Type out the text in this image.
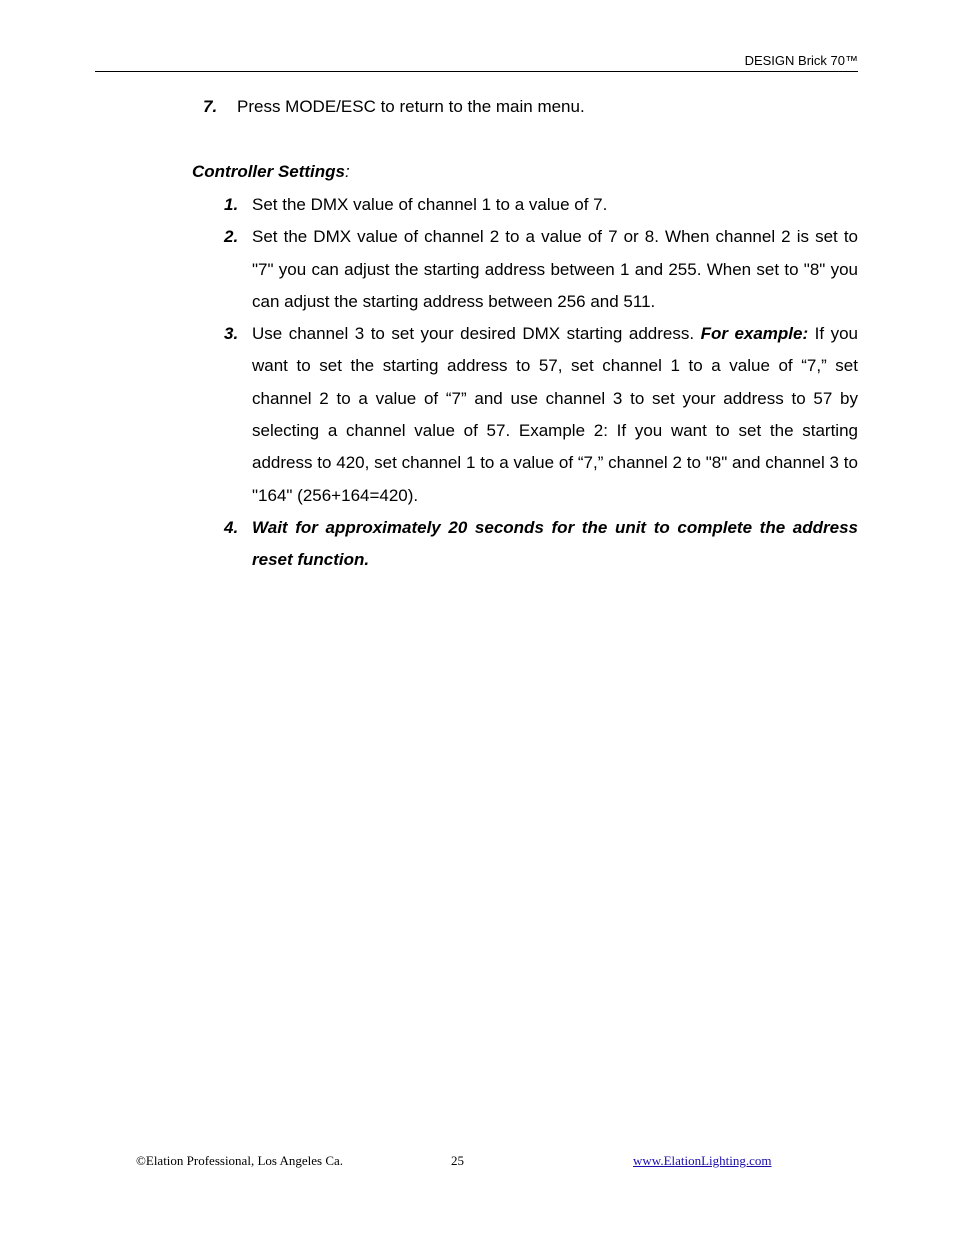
DESIGN Brick 70™
7. Press MODE/ESC to return to the main menu.
Controller Settings:
1. Set the DMX value of channel 1 to a value of 7.
2. Set the DMX value of channel 2 to a value of 7 or 8. When channel 2 is set to "7" you can adjust the starting address between 1 and 255. When set to "8" you can adjust the starting address between 256 and 511.
3. Use channel 3 to set your desired DMX starting address. For example: If you want to set the starting address to 57, set channel 1 to a value of “7,” set channel 2 to a value of “7” and use channel 3 to set your address to 57 by selecting a channel value of 57. Example 2: If you want to set the starting address to 420, set channel 1 to a value of “7,” channel 2 to "8" and channel 3 to "164" (256+164=420).
4. Wait for approximately 20 seconds for the unit to complete the address reset function.
©Elation Professional, Los Angeles Ca.	25	www.ElationLighting.com
